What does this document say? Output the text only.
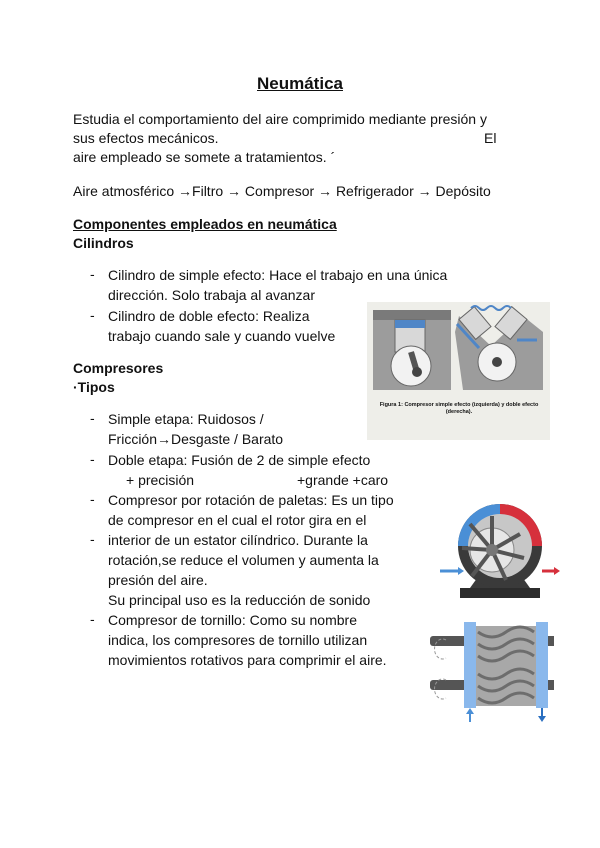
Neumática
Estudia el comportamiento del aire comprimido mediante presión y
sus efectos mecánicos.	El
aire empleado se somete a tratamientos. ´
Aire atmosférico →Filtro → Compresor → Refrigerador → Depósito
Componentes empleados en neumática
Cilindros
- Cilindro de simple efecto: Hace el trabajo en una única
dirección. Solo trabaja al avanzar
- Cilindro de doble efecto: Realiza
trabajo cuando sale y cuando vuelve
Figura 1: Compresor simple efecto (izquierda) y doble efecto (derecha).
Compresores
·Tipos
- Simple etapa: Ruidosos /
Fricción→Desgaste / Barato
- Doble etapa: Fusión de 2 de simple efecto
+ precisión	+grande +caro
- Compresor por rotación de paletas: Es un tipo
de compresor en el cual el rotor gira en el
- interior de un estator cilíndrico. Durante la
rotación,se reduce el volumen y aumenta la
presión del aire.
Su principal uso es la reducción de sonido
- Compresor de tornillo: Como su nombre
indica, los compresores de tornillo utilizan
movimientos rotativos para comprimir el aire.
